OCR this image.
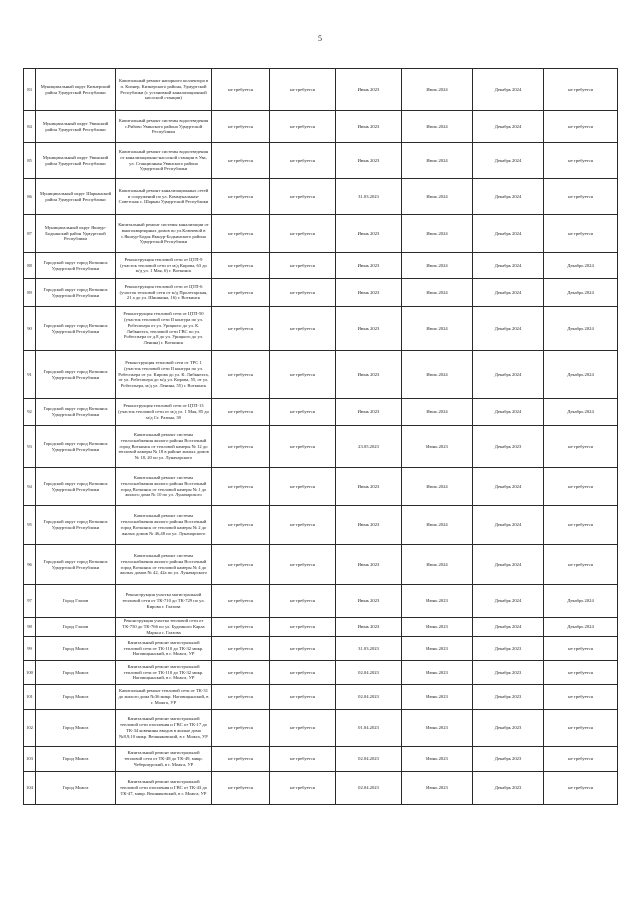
5
83	Муниципальный округ Кизнерский район Удмуртской Республики	Капитальный ремонт напорного коллектора в п. Кизнер, Кизнерского района, Удмуртской Республики (с установкой канализационной насосной станции)	не требуется	не требуется	Июнь 2023	Июль 2024	Декабрь 2024	не требуется
84	Муниципальный округ Увинский район Удмуртской Республики	Капитальный ремонт системы водоотведения с.Рябово Увинского района Удмуртской Республики	не требуется	не требуется	Июнь 2023	Июль 2024	Декабрь 2024	не требуется
85	Муниципальный округ Увинский район Удмуртской Республики	Капитальный ремонт системы водоотведения от канализационно-насосной станции в Ува, ул. Станционная Увинского района Удмуртской Республики	не требуется	не требуется	Июнь 2023	Июль 2024	Декабрь 2024	не требуется
86	Муниципальный округ Шарканский район Удмуртской Республики	Капитальный ремонт канализационных сетей и сооружений по ул. Коммунальная-Советская с. Шаркан Удмуртской Республики	не требуется	не требуется	31.03.2023	Июль 2024	Декабрь 2024	не требуется
87	Муниципальный округ Якшур-Бодьинский район Удмуртской Республики	Капитальный ремонт системы канализации от многоквартирных домов по ул.Ключевой в с.Якшур-Бодья Якшур-Бодьинского района Удмуртской Республики	не требуется	не требуется	Июнь 2023	Июль 2024	Декабрь 2024	не требуется
88	Городской округ город Воткинск Удмуртской Республики	Реконструкция тепловой сети от ЦТП-9 (участок тепловой сети от м/д Кирова, 63 до м/д ул. 1 Мая, 6) г. Воткинск	не требуется	не требуется	Июнь 2023	Июль 2024	Декабрь 2024	Декабрь 2024
89	Городской округ город Воткинск Удмуртской Республики	Реконструкция тепловой сети от ЦТП-6 (участок тепловой сети от м/д Пролетарская, 21 а до ул. Шишкина, 16) г. Воткинск	не требуется	не требуется	Июнь 2023	Июль 2024	Декабрь 2024	Декабрь 2024
90	Городской округ город Воткинск Удмуртской Республики	Реконструкция тепловой сети от ЦТП-50 (участок тепловой сети II контура по ул. Робеспьера от ул. Урицкого до ул. К. Либкнехта, тепловой сети ГВС по ул. Робеспьера от д.8 до ул. Урицкого до ул. Ленина) г. Воткинск	не требуется	не требуется	Июнь 2023	Июль 2024	Декабрь 2024	Декабрь 2024
91	Городской округ город Воткинск Удмуртской Республики	Реконструкция тепловой сети от ТРС 1 (участок тепловой сети II контура по ул. Робеспьера от ул. Кирова до ул. К. Либкнехта, от ул. Робеспьера до м/д ул. Кирова, 55, от ул. Робеспьера, м/д ул. Ленина, 55) г. Воткинск	не требуется	не требуется	Июнь 2023	Июль 2024	Декабрь 2024	Декабрь 2024
92	Городской округ город Воткинск Удмуртской Республики	Реконструкция тепловой сети от ЦТП-13 (участок тепловой сети от м/д ул. 1 Мая, 85 до м/д Ст. Разина, 39	не требуется	не требуется	Июнь 2023	Июль 2024	Декабрь 2024	Декабрь 2024
93	Городской округ город Воткинск Удмуртской Республики	Капитальный ремонт системы теплоснабжения жилого района Восточный город Воткинск от тепловой камеры № 12 до тепловой камеры № 18 в районе жилых домов № 18, 20 по ул. Луначарского	не требуется	не требуется	23.05.2023	Июнь 2023	Декабрь 2023	не требуется
94	Городской округ город Воткинск Удмуртской Республики	Капитальный ремонт системы теплоснабжения жилого района Восточный город Воткинск от тепловой камеры № 1 до жилого дома № 10 по ул. Луначарского	не требуется	не требуется	Июнь 2023	Июль 2024	Декабрь 2024	не требуется
95	Городской округ город Воткинск Удмуртской Республики	Капитальный ремонт системы теплоснабжения жилого района Восточный город Воткинск от тепловой камеры № 2 до жилых домов № 46,48 по ул. Луначарского	не требуется	не требуется	Июнь 2023	Июль 2024	Декабрь 2024	не требуется
96	Городской округ город Воткинск Удмуртской Республики	Капитальный ремонт системы теплоснабжения жилого района Восточный город Воткинск от тепловой камеры № 4 до жилых домов № 42, 42а по ул. Луначарского	не требуется	не требуется	Июнь 2023	Июль 2024	Декабрь 2024	не требуется
97	Город Глазов	Реконструкция участка магистральной тепловой сети от ТК-710 до ТК-729 по ул. Кирова г. Глазова	не требуется	не требуется	Июнь 2023	Июнь 2023	Декабрь 2024	Декабрь 2024
98	Город Глазов	Реконструкция участка тепловой сети от ТК-750 до ТК-766 по ул. Буденного Карла Маркса г. Глазова	не требуется	не требуется	Июнь 2023	Июнь 2023	Декабрь 2024	Декабрь 2024
99	Город Можга	Капитальный ремонт магистральной тепловой сети от ТК-110 до ТК-32 микр. Наговицынский, в г. Можга, УР	не требуется	не требуется	31.03.2023	Июнь 2023	Декабрь 2023	не требуется
100	Город Можга	Капитальный ремонт магистральной тепловой сети от ТК-110 до ТК-32 микр. Наговицынский, в г. Можга, УР	не требуется	не требуется	02.04.2023	Июнь 2023	Декабрь 2023	не требуется
101	Город Можга	Капитальный ремонт тепловой сети от ТК-31 до жилого дома №36 микр. Наговицынский, в г. Можга, УР	не требуется	не требуется	02.04.2023	Июнь 2023	Декабрь 2023	не требуется
102	Город Можга	Капитальный ремонт магистральной тепловой сети отопления и ГВС от ТК-17 до ТК-34 ковенины вводов в жилые дома №8,9,10 микр. Вешняковский, в г. Можга, УР	не требуется	не требуется	01.04.2023	Июнь 2023	Декабрь 2023	не требуется
103	Город Можга	Капитальный ремонт магистральной тепловой сети от ТК-48 до ТК-49, микр. Чебершурский, в г. Можга, УР	не требуется	не требуется	02.04.2023	Июнь 2023	Декабрь 2023	не требуется
104	Город Можга	Капитальный ремонт магистральной тепловой сети отопления и ГВС от ТК-43 до ТК-47, микр. Вешняковский, в г. Можга, УР	не требуется	не требуется	02.04.2023	Июнь 2023	Декабрь 2023	не требуется
